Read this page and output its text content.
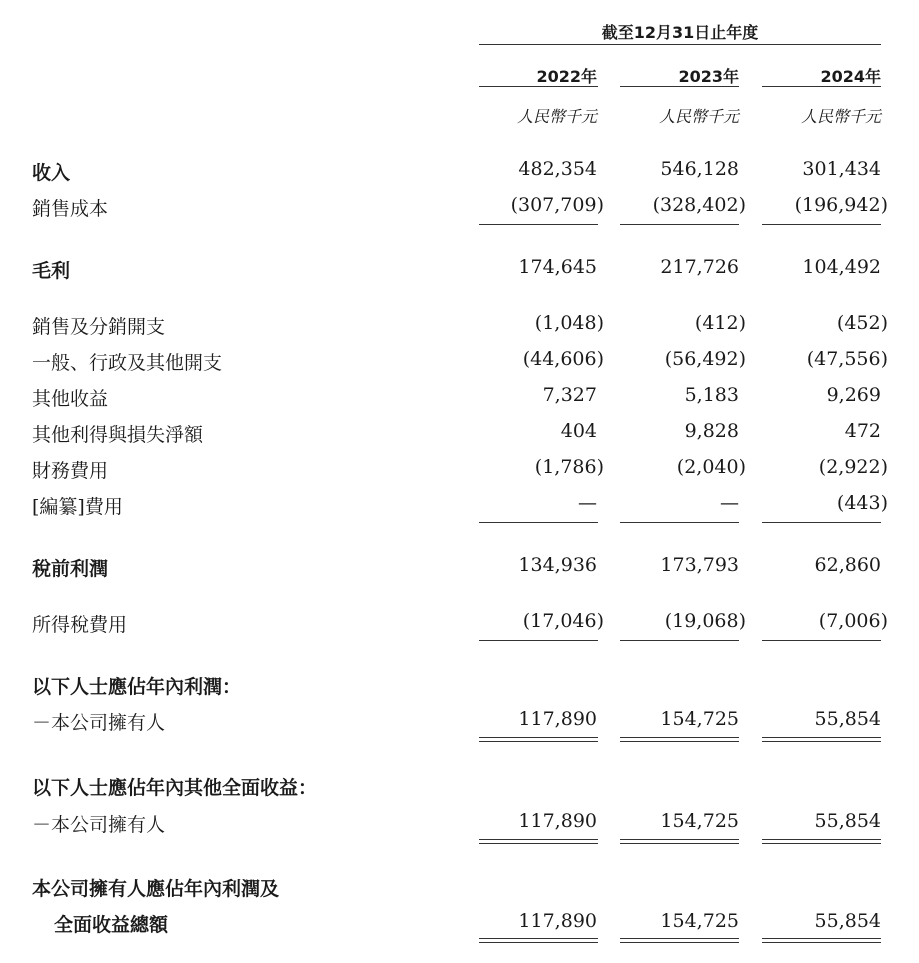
截至12月31日止年度
2022年	2023年	2024年
人民幣千元	人民幣千元	人民幣千元
收入	482,354	546,128	301,434
銷售成本	(307,709)	(328,402)	(196,942)
毛利	174,645	217,726	104,492
銷售及分銷開支	(1,048)	(412)	(452)
一般、行政及其他開支	(44,606)	(56,492)	(47,556)
其他收益	7,327	5,183	9,269
其他利得與損失淨額	404	9,828	472
財務費用	(1,786)	(2,040)	(2,922)
[編纂]費用	—	—	(443)
稅前利潤	134,936	173,793	62,860
所得稅費用	(17,046)	(19,068)	(7,006)
以下人士應佔年內利潤：
－本公司擁有人	117,890	154,725	55,854
以下人士應佔年內其他全面收益：
－本公司擁有人	117,890	154,725	55,854
本公司擁有人應佔年內利潤及
全面收益總額	117,890	154,725	55,854
